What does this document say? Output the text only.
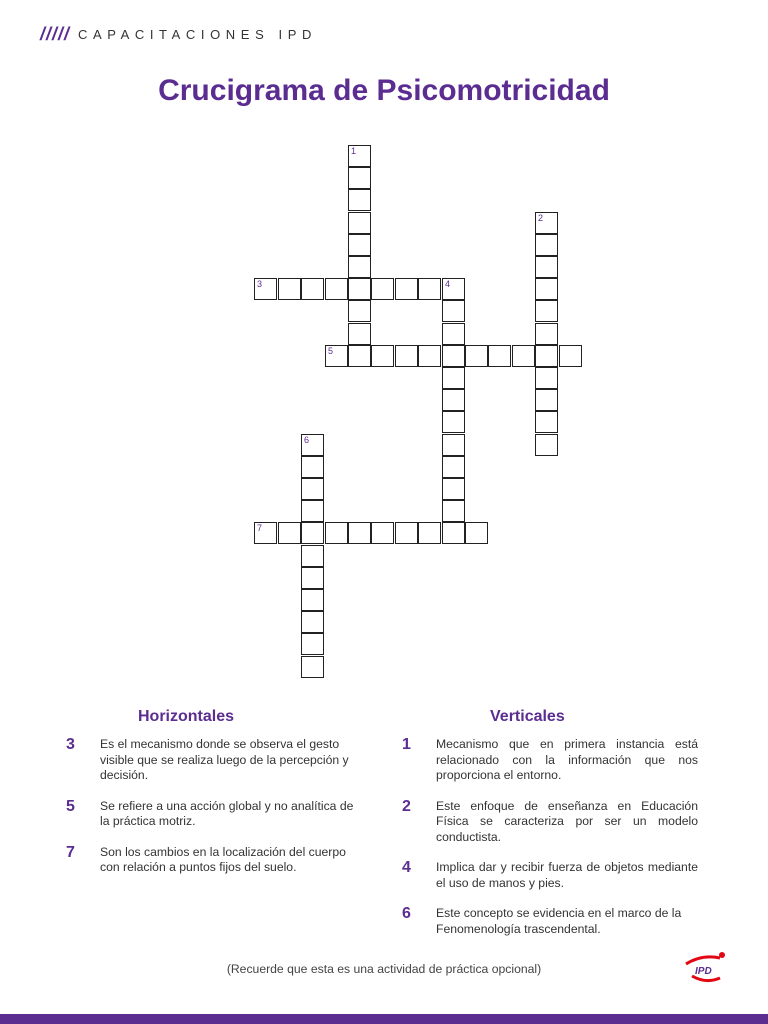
///// CAPACITACIONES IPD
Crucigrama de Psicomotricidad
1
2
3	4
5
6
7
Horizontales
3	Es el mecanismo donde se observa el gesto visible que se realiza luego de la percepción y decisión.
5	Se refiere a una acción global y no analítica de la práctica motriz.
7	Son los cambios en la localización del cuerpo con relación a puntos fijos del suelo.
Verticales
1	Mecanismo que en primera instancia está relacionado con la información que nos proporciona el entorno.
2	Este enfoque de enseñanza en Educación Física se caracteriza por ser un modelo conductista.
4	Implica dar y recibir fuerza de objetos mediante el uso de manos y pies.
6	Este concepto se evidencia en el marco de la Fenomenología trascendental.
(Recuerde que esta es una actividad de práctica opcional)	IPD
